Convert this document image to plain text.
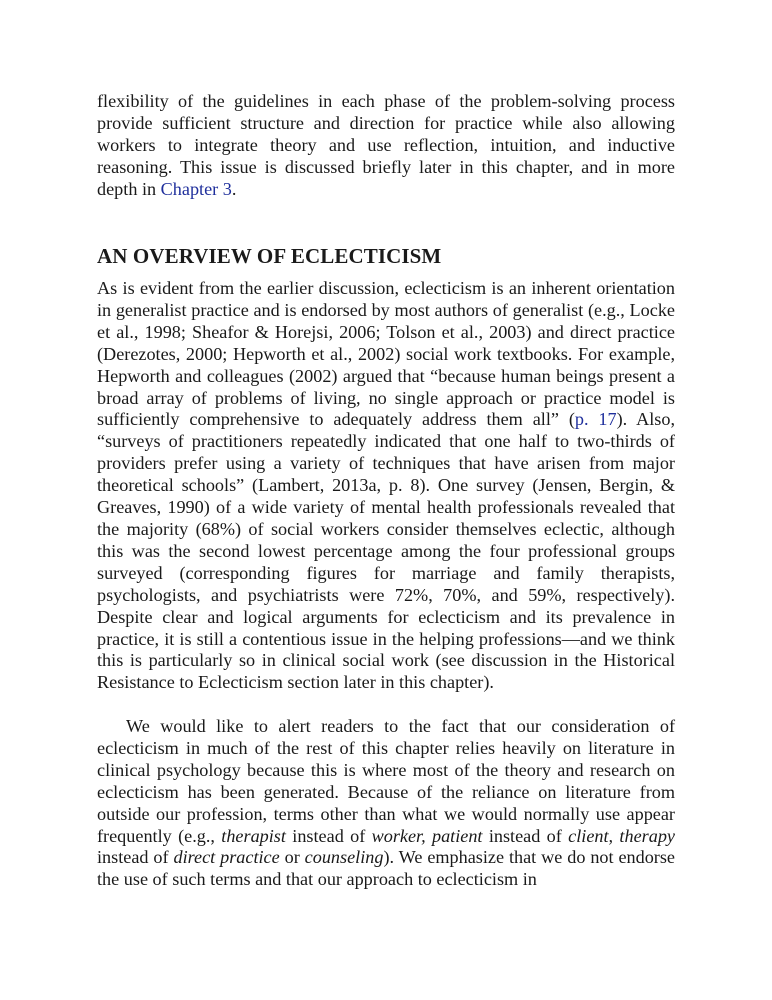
flexibility of the guidelines in each phase of the problem-solving process provide sufficient structure and direction for practice while also allowing workers to integrate theory and use reflection, intuition, and inductive reasoning. This issue is discussed briefly later in this chapter, and in more depth in Chapter 3.

AN OVERVIEW OF ECLECTICISM

As is evident from the earlier discussion, eclecticism is an inherent orientation in generalist practice and is endorsed by most authors of generalist (e.g., Locke et al., 1998; Sheafor & Horejsi, 2006; Tolson et al., 2003) and direct practice (Derezotes, 2000; Hepworth et al., 2002) social work textbooks. For example, Hepworth and colleagues (2002) argued that “because human beings present a broad array of problems of living, no single approach or practice model is sufficiently comprehensive to adequately address them all” (p. 17). Also, “surveys of practitioners repeatedly indicated that one half to two-thirds of providers prefer using a variety of techniques that have arisen from major theoretical schools” (Lambert, 2013a, p. 8). One survey (Jensen, Bergin, & Greaves, 1990) of a wide variety of mental health professionals revealed that the majority (68%) of social workers consider themselves eclectic, although this was the second lowest percentage among the four professional groups surveyed (corresponding figures for marriage and family therapists, psychologists, and psychiatrists were 72%, 70%, and 59%, respectively). Despite clear and logical arguments for eclecticism and its prevalence in practice, it is still a contentious issue in the helping professions—and we think this is particularly so in clinical social work (see discussion in the Historical Resistance to Eclecticism section later in this chapter).

We would like to alert readers to the fact that our consideration of eclecticism in much of the rest of this chapter relies heavily on literature in clinical psychology because this is where most of the theory and research on eclecticism has been generated. Because of the reliance on literature from outside our profession, terms other than what we would normally use appear frequently (e.g., therapist instead of worker, patient instead of client, therapy instead of direct practice or counseling). We emphasize that we do not endorse the use of such terms and that our approach to eclecticism in
